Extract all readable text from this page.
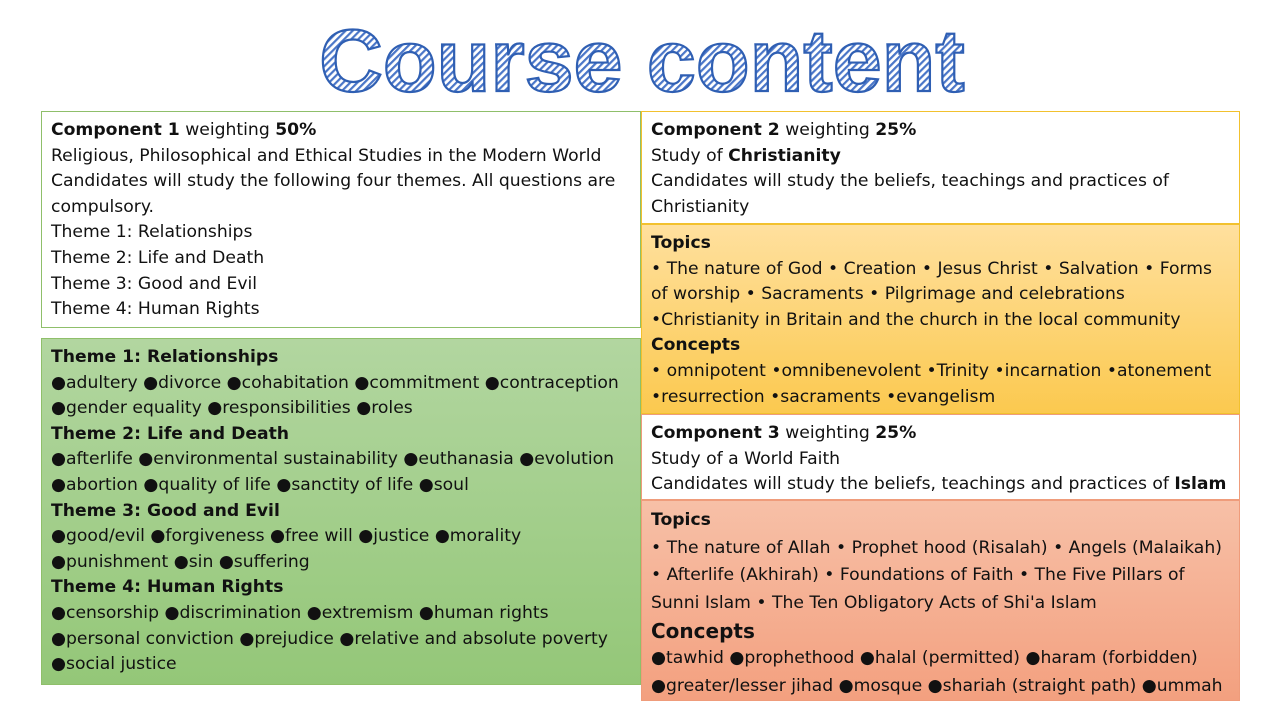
Course content
Component 1 weighting 50%
Religious, Philosophical and Ethical Studies in the Modern World
Candidates will study the following four themes. All questions are compulsory.
Theme 1: Relationships
Theme 2: Life and Death
Theme 3: Good and Evil
Theme 4: Human Rights
Theme 1: Relationships
●adultery ●divorce ●cohabitation ●commitment ●contraception
●gender equality ●responsibilities ●roles
Theme 2: Life and Death
●afterlife ●environmental sustainability ●euthanasia ●evolution
●abortion ●quality of life ●sanctity of life ●soul
Theme 3: Good and Evil
●good/evil ●forgiveness ●free will ●justice ●morality
●punishment ●sin ●suffering
Theme 4: Human Rights
●censorship ●discrimination ●extremism ●human rights
●personal conviction ●prejudice ●relative and absolute poverty
●social justice
Component 2 weighting 25%
Study of Christianity
Candidates will study the beliefs, teachings and practices of Christianity
Topics
• The nature of God • Creation • Jesus Christ • Salvation • Forms
of worship • Sacraments • Pilgrimage and celebrations
•Christianity in Britain and the church in the local community
Concepts
• omnipotent •omnibenevolent •Trinity •incarnation •atonement
•resurrection •sacraments •evangelism
Component 3 weighting 25%
Study of a World Faith
Candidates will study the beliefs, teachings and practices of Islam
Topics
• The nature of Allah • Prophet hood (Risalah) • Angels (Malaikah)
• Afterlife (Akhirah) • Foundations of Faith • The Five Pillars of
Sunni Islam • The Ten Obligatory Acts of Shi'a Islam
Concepts
●tawhid ●prophethood ●halal (permitted) ●haram (forbidden)
●greater/lesser jihad ●mosque ●shariah (straight path) ●ummah
